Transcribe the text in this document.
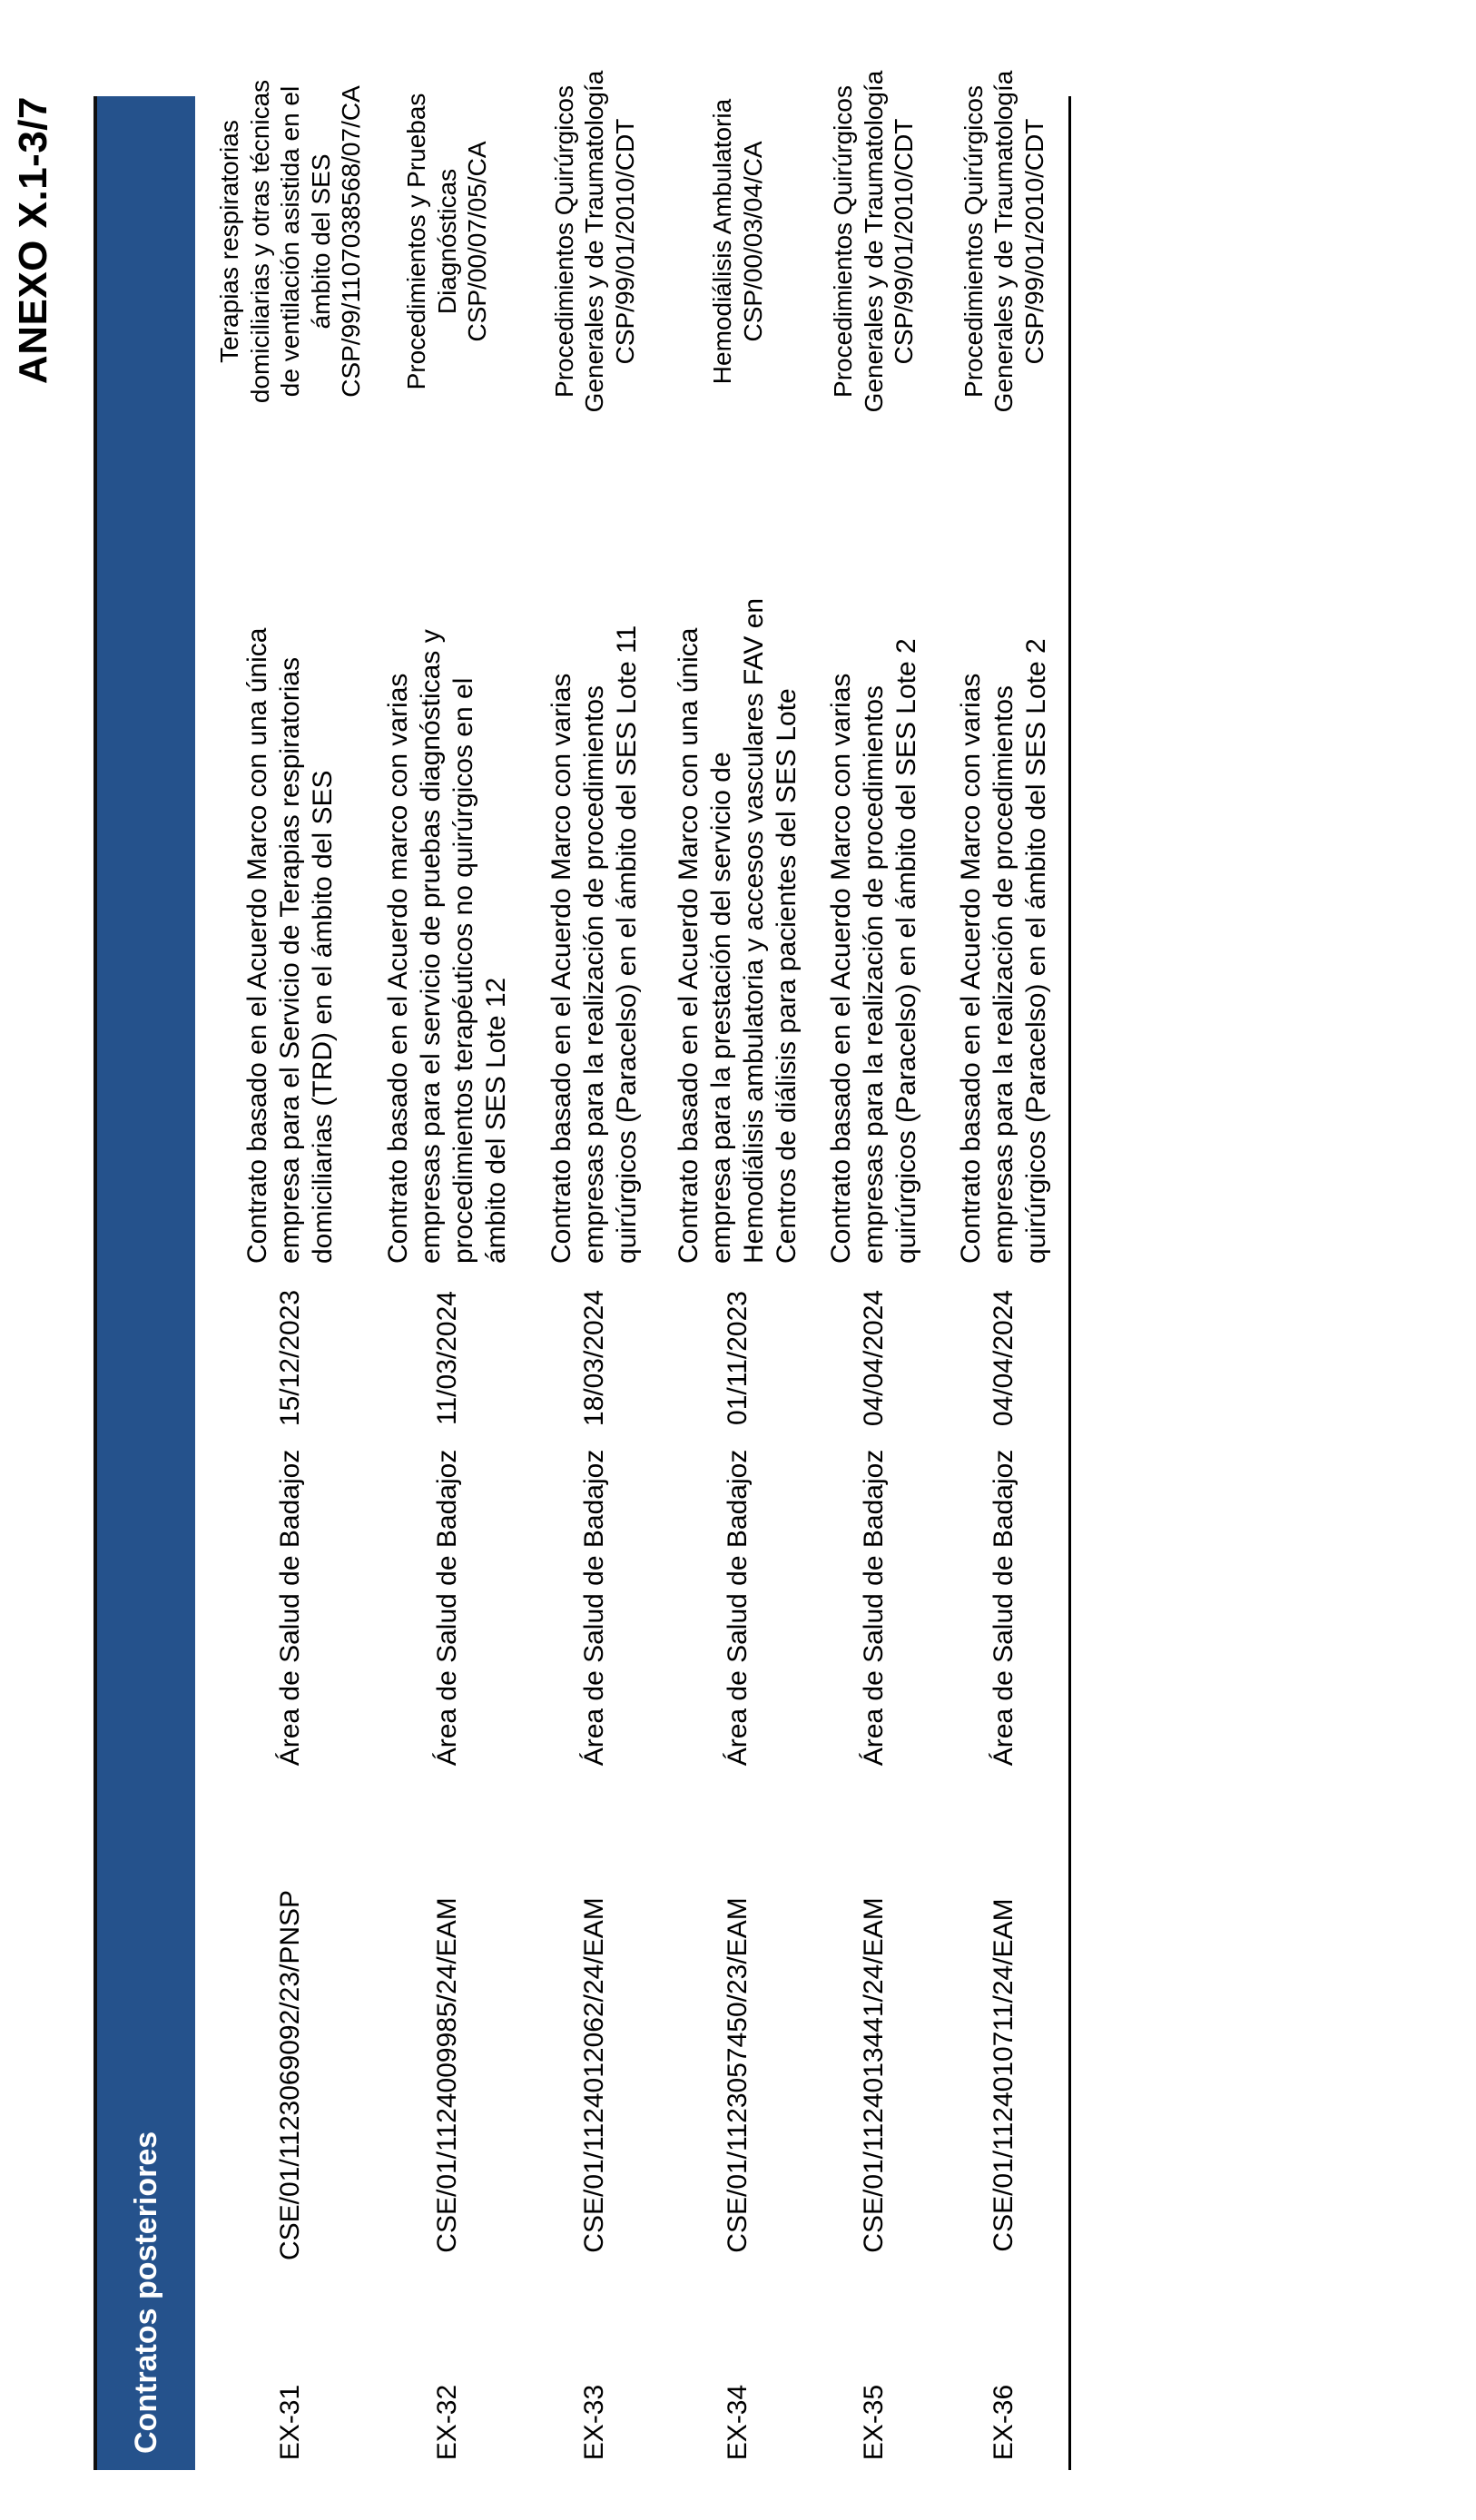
ANEXO X.1-3/7
Contratos posteriores	EX-31
CSE/01/1123069092/23/PNSP
Área de Salud de Badajoz
15/12/2023
Contrato basado en el Acuerdo Marco con una única empresa para el Servicio de Terapias respiratorias domiciliarias (TRD) en el ámbito del SES
Terapias respiratorias domiciliarias y otras técnicas de ventilación asistida en el ámbito del SES CSP/99/1107038568/07/CA
EX-32
CSE/01/1124009985/24/EAM
Área de Salud de Badajoz
11/03/2024
Contrato basado en el Acuerdo marco con varias empresas para el servicio de pruebas diagnósticas y procedimientos terapéuticos no quirúrgicos en el ámbito del SES Lote 12
Procedimientos y Pruebas Diagnósticas CSP/00/07/05/CA
EX-33
CSE/01/1124012062/24/EAM
Área de Salud de Badajoz
18/03/2024
Contrato basado en el Acuerdo Marco con varias empresas para la realización de procedimientos quirúrgicos (Paracelso) en el ámbito del SES Lote 11
Procedimientos Quirúrgicos Generales y de Traumatología CSP/99/01/2010/CDT
EX-34
CSE/01/1123057450/23/EAM
Área de Salud de Badajoz
01/11/2023
Contrato basado en el Acuerdo Marco con una única empresa para la prestación del servicio de Hemodiálisis ambulatoria y accesos vasculares FAV en Centros de diálisis para pacientes del SES Lote
Hemodiálisis Ambulatoria CSP/00/03/04/CA
EX-35
CSE/01/1124013441/24/EAM
Área de Salud de Badajoz
04/04/2024
Contrato basado en el Acuerdo Marco con varias empresas para la realización de procedimientos quirúrgicos (Paracelso) en el ámbito del SES Lote 2
Procedimientos Quirúrgicos Generales y de Traumatología CSP/99/01/2010/CDT
EX-36
CSE/01/1124010711/24/EAM
Área de Salud de Badajoz
04/04/2024
Contrato basado en el Acuerdo Marco con varias empresas para la realización de procedimientos quirúrgicos (Paracelso) en el ámbito del SES Lote 2
Procedimientos Quirúrgicos Generales y de Traumatología CSP/99/01/2010/CDT
